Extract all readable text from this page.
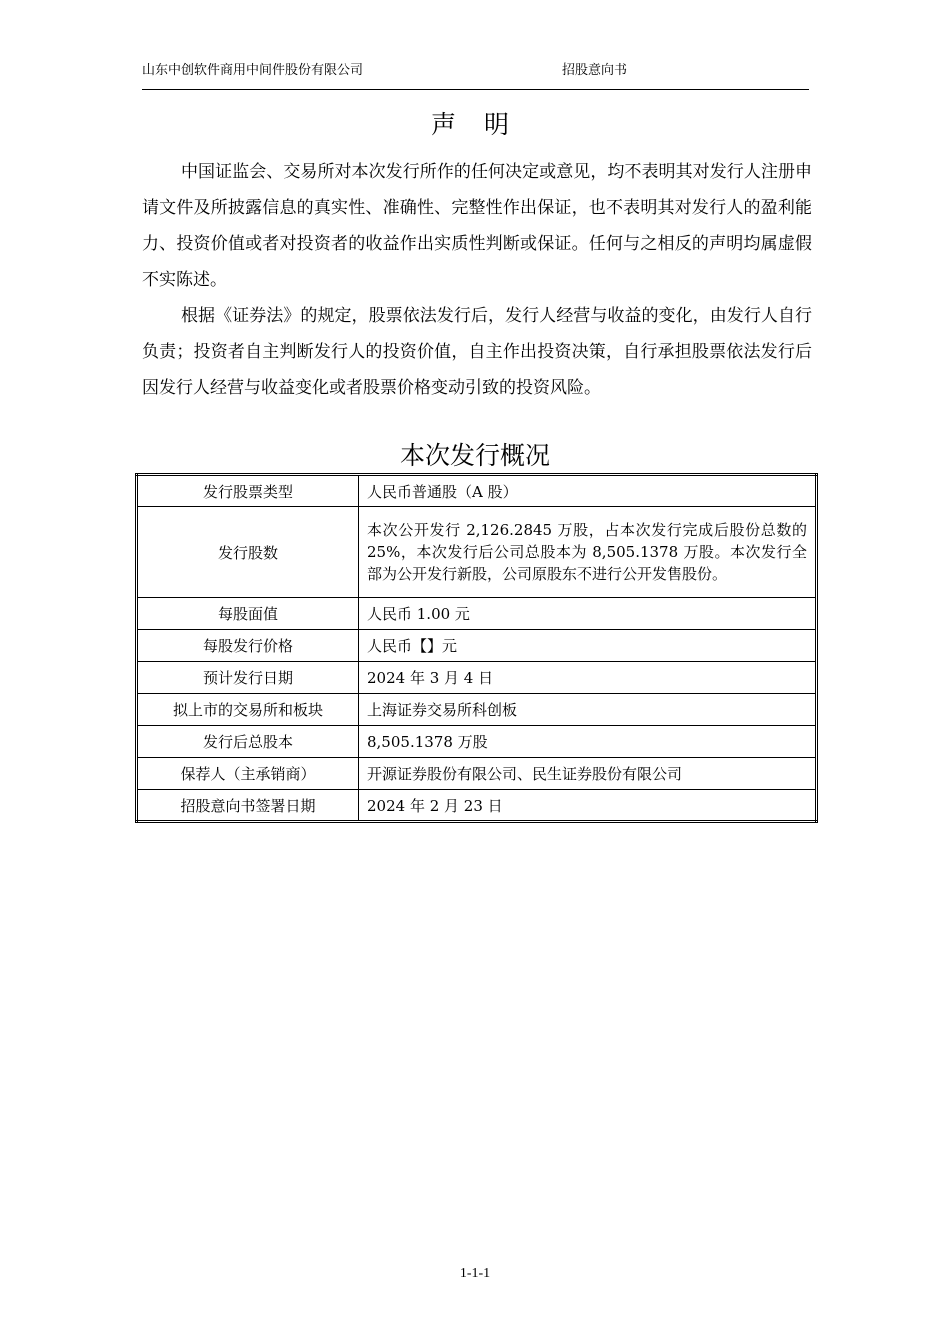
山东中创软件商用中间件股份有限公司	招股意向书
声 明

中国证监会、交易所对本次发行所作的任何决定或意见，均不表明其对发行人注册申请文件及所披露信息的真实性、准确性、完整性作出保证，也不表明其对发行人的盈利能力、投资价值或者对投资者的收益作出实质性判断或保证。任何与之相反的声明均属虚假不实陈述。

根据《证券法》的规定，股票依法发行后，发行人经营与收益的变化，由发行人自行负责；投资者自主判断发行人的投资价值，自主作出投资决策，自行承担股票依法发行后因发行人经营与收益变化或者股票价格变动引致的投资风险。

本次发行概况
发行股票类型	人民币普通股（A 股）
发行股数	本次公开发行 2,126.2845 万股，占本次发行完成后股份总数的 25%，本次发行后公司总股本为 8,505.1378 万股。本次发行全部为公开发行新股，公司原股东不进行公开发售股份。
每股面值	人民币 1.00 元
每股发行价格	人民币【】元
预计发行日期	2024 年 3 月 4 日
拟上市的交易所和板块	上海证券交易所科创板
发行后总股本	8,505.1378 万股
保荐人（主承销商）	开源证券股份有限公司、民生证券股份有限公司
招股意向书签署日期	2024 年 2 月 23 日
1-1-1
